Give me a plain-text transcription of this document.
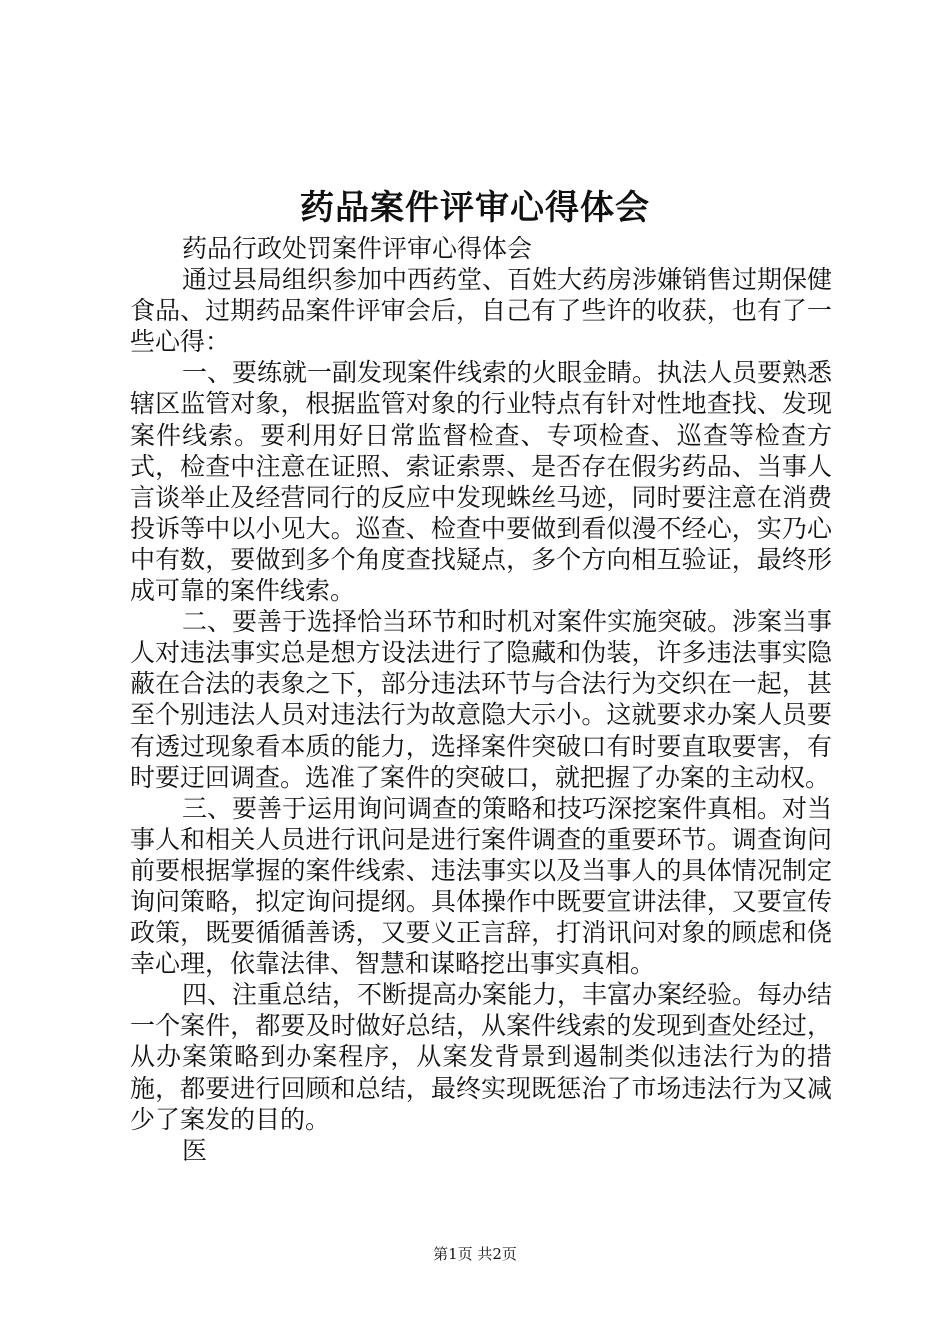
药品案件评审心得体会

药品行政处罚案件评审心得体会

通过县局组织参加中西药堂、百姓大药房涉嫌销售过期保健食品、过期药品案件评审会后，自己有了些许的收获，也有了一些心得：

一、要练就一副发现案件线索的火眼金睛。执法人员要熟悉辖区监管对象，根据监管对象的行业特点有针对性地查找、发现案件线索。要利用好日常监督检查、专项检查、巡查等检查方式，检查中注意在证照、索证索票、是否存在假劣药品、当事人言谈举止及经营同行的反应中发现蛛丝马迹，同时要注意在消费投诉等中以小见大。巡查、检查中要做到看似漫不经心，实乃心中有数，要做到多个角度查找疑点，多个方向相互验证，最终形成可靠的案件线索。

二、要善于选择恰当环节和时机对案件实施突破。涉案当事人对违法事实总是想方设法进行了隐藏和伪装，许多违法事实隐蔽在合法的表象之下，部分违法环节与合法行为交织在一起，甚至个别违法人员对违法行为故意隐大示小。这就要求办案人员要有透过现象看本质的能力，选择案件突破口有时要直取要害，有时要迂回调查。选准了案件的突破口，就把握了办案的主动权。

三、要善于运用询问调查的策略和技巧深挖案件真相。对当事人和相关人员进行讯问是进行案件调查的重要环节。调查询问前要根据掌握的案件线索、违法事实以及当事人的具体情况制定询问策略，拟定询问提纲。具体操作中既要宣讲法律，又要宣传政策，既要循循善诱，又要义正言辞，打消讯问对象的顾虑和侥幸心理，依靠法律、智慧和谋略挖出事实真相。

四、注重总结，不断提高办案能力，丰富办案经验。每办结一个案件，都要及时做好总结，从案件线索的发现到查处经过，从办案策略到办案程序，从案发背景到遏制类似违法行为的措施，都要进行回顾和总结，最终实现既惩治了市场违法行为又减少了案发的目的。

医

第1页 共2页
